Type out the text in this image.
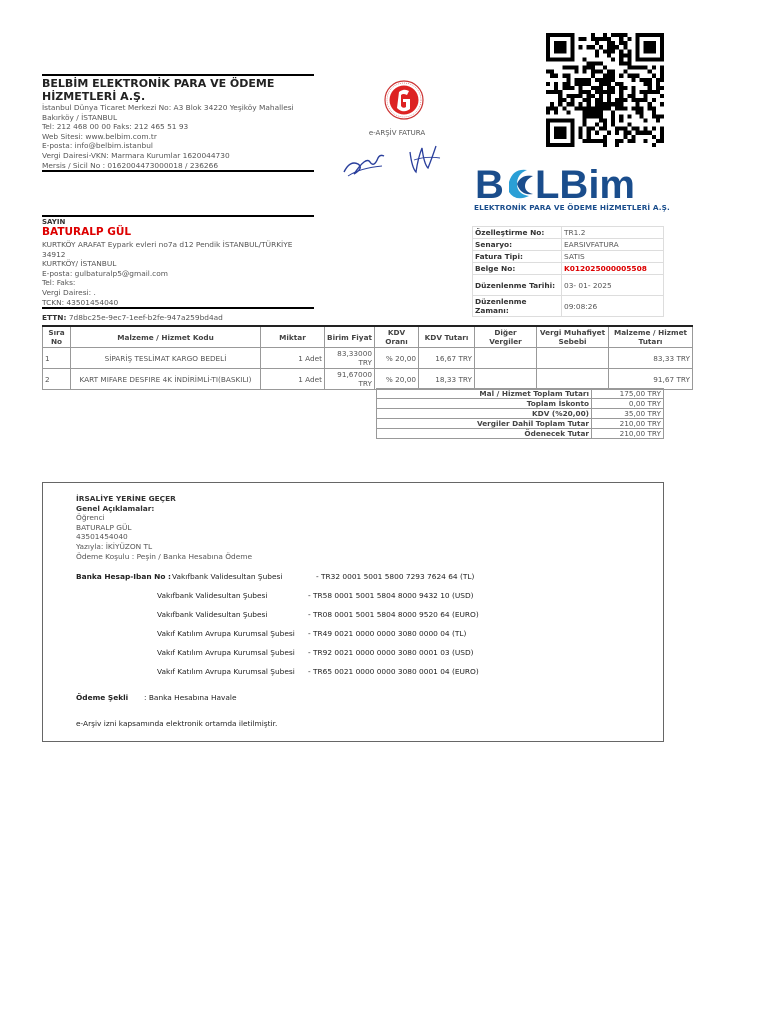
BELBİM ELEKTRONİK PARA VE ÖDEME HİZMETLERİ A.Ş.
İstanbul Dünya Ticaret Merkezi No: A3 Blok 34220 Yeşiköy Mahallesi
Bakırköy / İSTANBUL
Tel: 212 468 00 00 Faks: 212 465 51 93
Web Sitesi: www.belbim.com.tr
E-posta: info@belbim.istanbul
Vergi Dairesi-VKN: Marmara Kurumlar 1620044730
Mersis / Sicil No : 0162004473000018 / 236266
e-ARŞİV FATURA
B LBim
ELEKTRONİK PARA VE ÖDEME HİZMETLERİ A.Ş.
SAYIN
BATURALP GÜL
KURTKÖY ARAFAT Eypark evleri no7a d12 Pendik İSTANBUL/TÜRKİYE
34912
KURTKÖY/ İSTANBUL
E-posta: gulbaturalp5@gmail.com
Tel: Faks:
Vergi Dairesi: .
TCKN: 43501454040
Özelleştirme No:	TR1.2
Senaryo:	EARSIVFATURA
Fatura Tipi:	SATIS
Belge No:	K012025000005508
Düzenlenme Tarihi:	03- 01- 2025
Düzenlenme Zamanı:	09:08:26
ETTN: 7d8bc25e-9ec7-1eef-b2fe-947a259bd4ad
Sıra No	Malzeme / Hizmet Kodu	Miktar	Birim Fiyat	KDV Oranı	KDV Tutarı	Diğer Vergiler	Vergi Muhafiyet Sebebi	Malzeme / Hizmet Tutarı
1	SİPARİŞ TESLİMAT KARGO BEDELİ	1 Adet	83,33000 TRY	% 20,00	16,67 TRY			83,33 TRY
2	KART MIFARE DESFIRE 4K İNDİRİMLİ-TI(BASKILI)	1 Adet	91,67000 TRY	% 20,00	18,33 TRY			91,67 TRY
Mal / Hizmet Toplam Tutarı	175,00 TRY
Toplam İskonto	0,00 TRY
KDV (%20,00)	35,00 TRY
Vergiler Dahil Toplam Tutar	210,00 TRY
Ödenecek Tutar	210,00 TRY
İRSALİYE YERİNE GEÇER
Genel Açıklamalar:
Öğrenci
BATURALP GÜL
43501454040
Yazıyla: İKİYÜZON TL
Ödeme Koşulu : Peşin / Banka Hesabına Ödeme
Banka Hesap-Iban No : Vakıfbank Validesultan Şubesi	- TR32 0001 5001 5800 7293 7624 64 (TL)
Vakıfbank Validesultan Şubesi	- TR58 0001 5001 5804 8000 9432 10 (USD)
Vakıfbank Validesultan Şubesi	- TR08 0001 5001 5804 8000 9520 64 (EURO)
Vakıf Katılım Avrupa Kurumsal Şubesi - TR49 0021 0000 0000 3080 0000 04 (TL)
Vakıf Katılım Avrupa Kurumsal Şubesi - TR92 0021 0000 0000 3080 0001 03 (USD)
Vakıf Katılım Avrupa Kurumsal Şubesi - TR65 0021 0000 0000 3080 0001 04 (EURO)
Ödeme Şekli : Banka Hesabına Havale
e-Arşiv izni kapsamında elektronik ortamda iletilmiştir.
